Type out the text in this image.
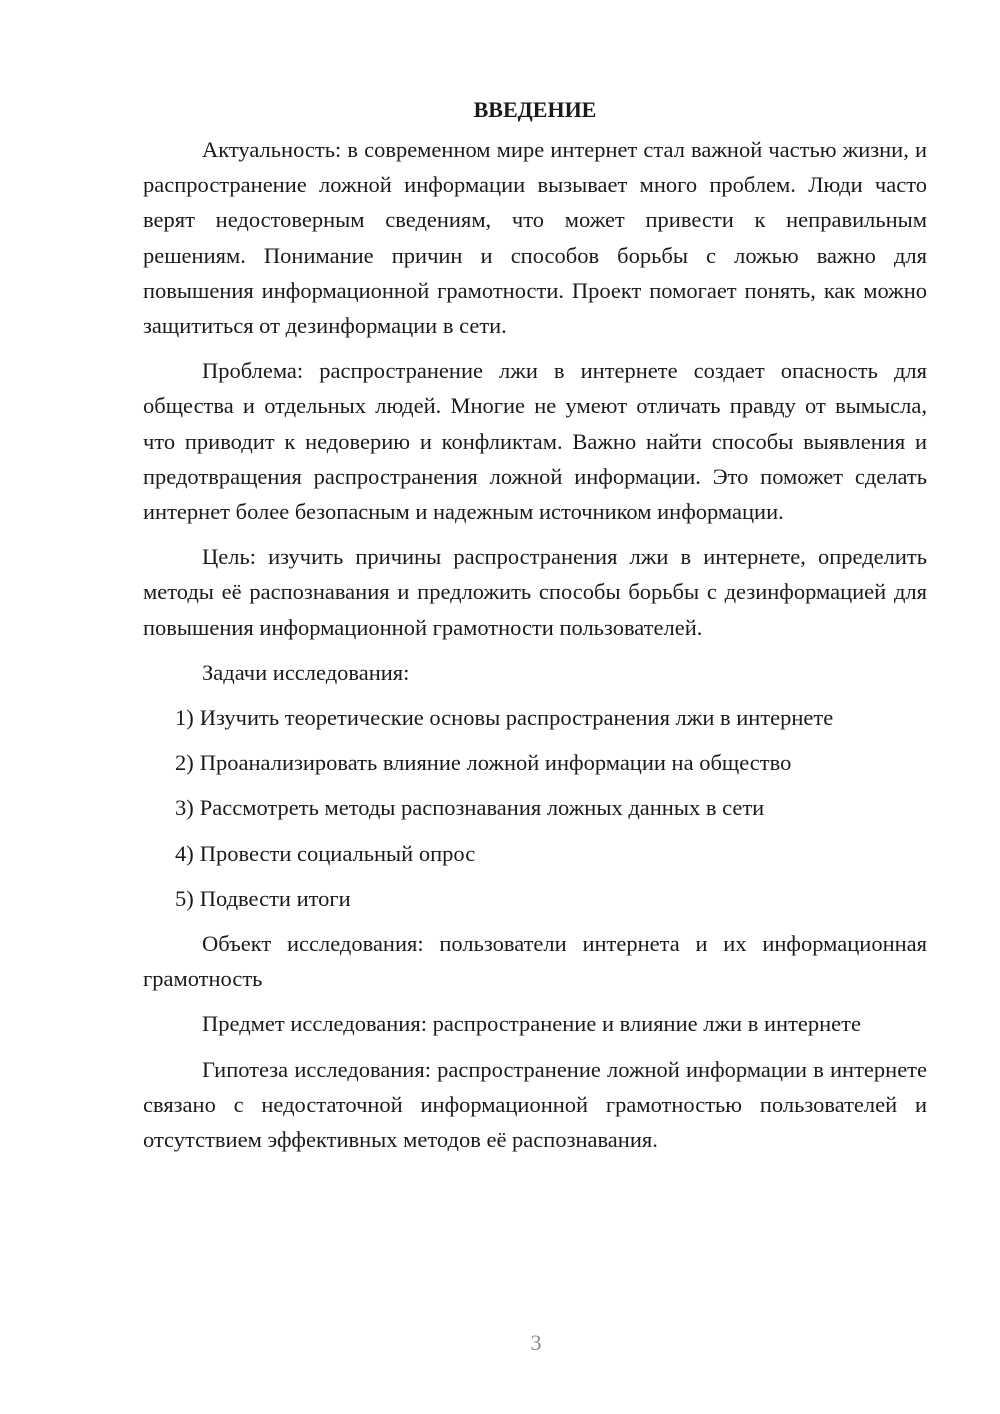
ВВЕДЕНИЕ

Актуальность: в современном мире интернет стал важной частью жизни, и распространение ложной информации вызывает много проблем. Люди часто верят недостоверным сведениям, что может привести к неправильным решениям. Понимание причин и способов борьбы с ложью важно для повышения информационной грамотности. Проект помогает понять, как можно защититься от дезинформации в сети.

Проблема: распространение лжи в интернете создает опасность для общества и отдельных людей. Многие не умеют отличать правду от вымысла, что приводит к недоверию и конфликтам. Важно найти способы выявления и предотвращения распространения ложной информации. Это поможет сделать интернет более безопасным и надежным источником информации.

Цель: изучить причины распространения лжи в интернете, определить методы её распознавания и предложить способы борьбы с дезинформацией для повышения информационной грамотности пользователей.

Задачи исследования:

1) Изучить теоретические основы распространения лжи в интернете
2) Проанализировать влияние ложной информации на общество
3) Рассмотреть методы распознавания ложных данных в сети
4) Провести социальный опрос
5) Подвести итоги

Объект исследования: пользователи интернета и их информационная грамотность

Предмет исследования: распространение и влияние лжи в интернете

Гипотеза исследования: распространение ложной информации в интернете связано с недостаточной информационной грамотностью пользователей и отсутствием эффективных методов её распознавания.

3
